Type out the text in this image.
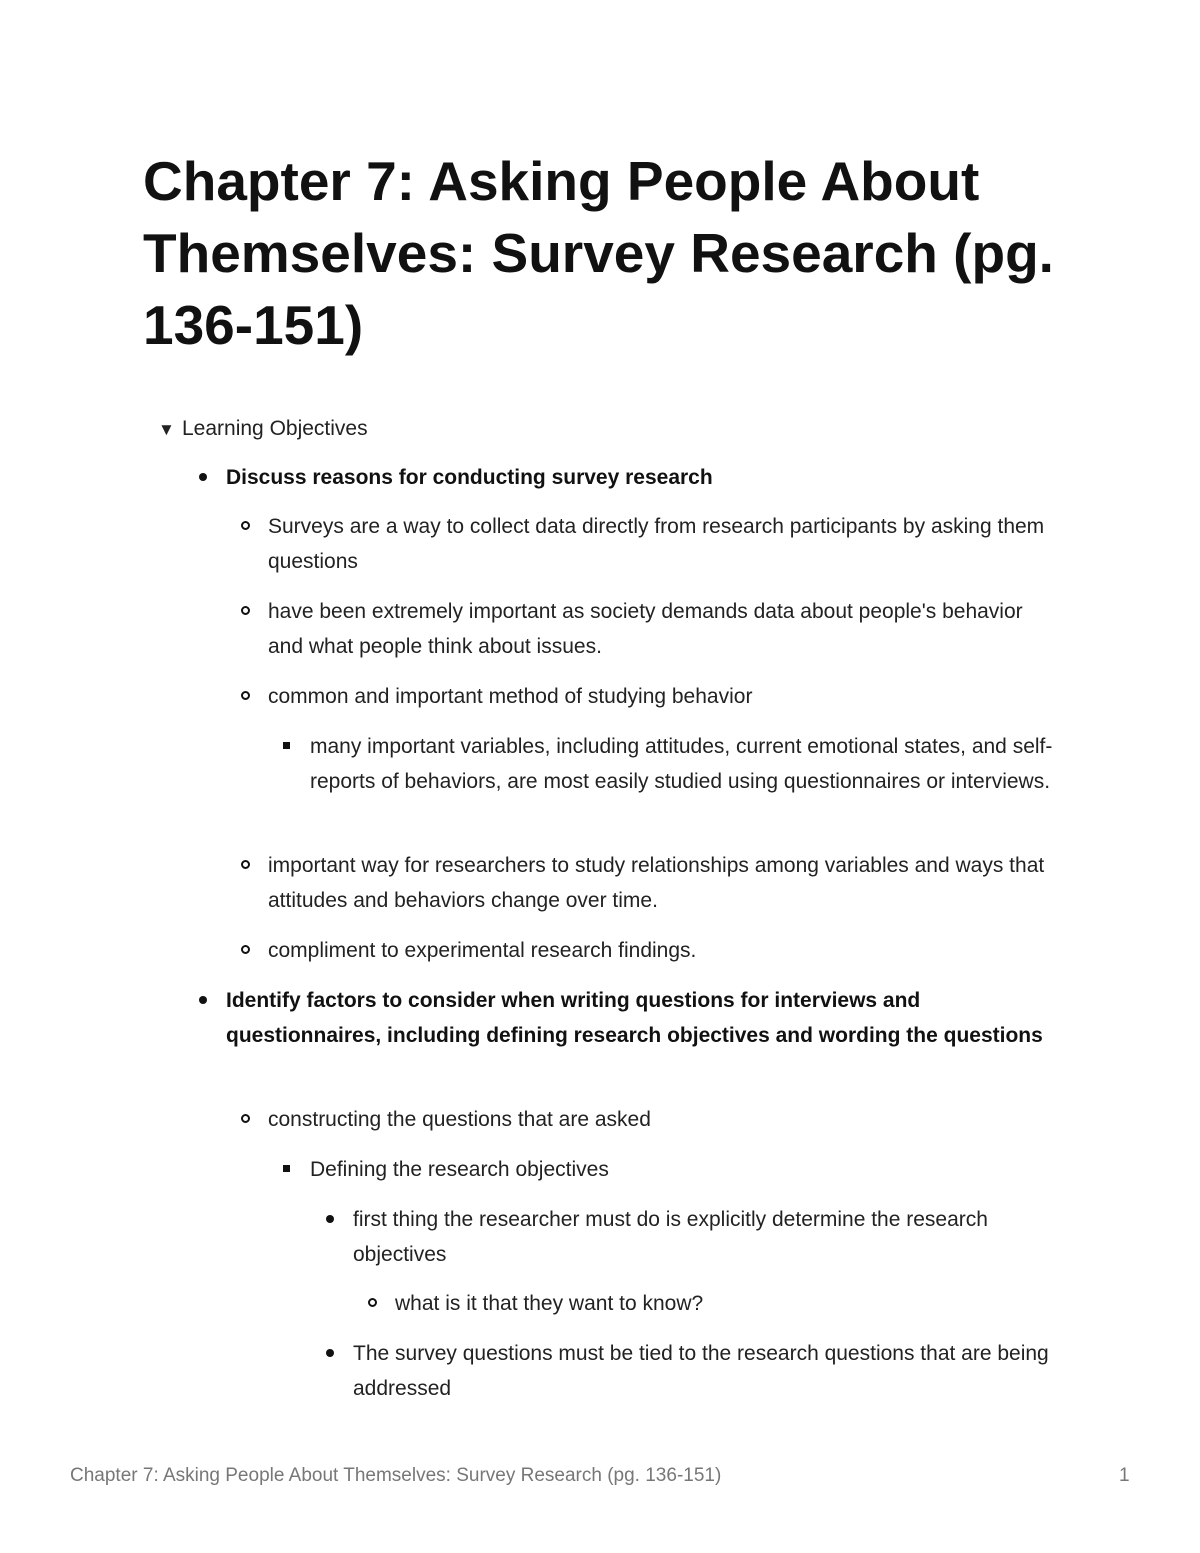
Chapter 7: Asking People About Themselves: Survey Research (pg. 136-151)
▼ Learning Objectives
Discuss reasons for conducting survey research
Surveys are a way to collect data directly from research participants by asking them questions
have been extremely important as society demands data about people's behavior and what people think about issues.
common and important method of studying behavior
many important variables, including attitudes, current emotional states, and self-reports of behaviors, are most easily studied using questionnaires or interviews.
important way for researchers to study relationships among variables and ways that attitudes and behaviors change over time.
compliment to experimental research findings.
Identify factors to consider when writing questions for interviews and questionnaires, including defining research objectives and wording the questions
constructing the questions that are asked
Defining the research objectives
first thing the researcher must do is explicitly determine the research objectives
what is it that they want to know?
The survey questions must be tied to the research questions that are being addressed
Chapter 7: Asking People About Themselves: Survey Research (pg. 136-151)	1
